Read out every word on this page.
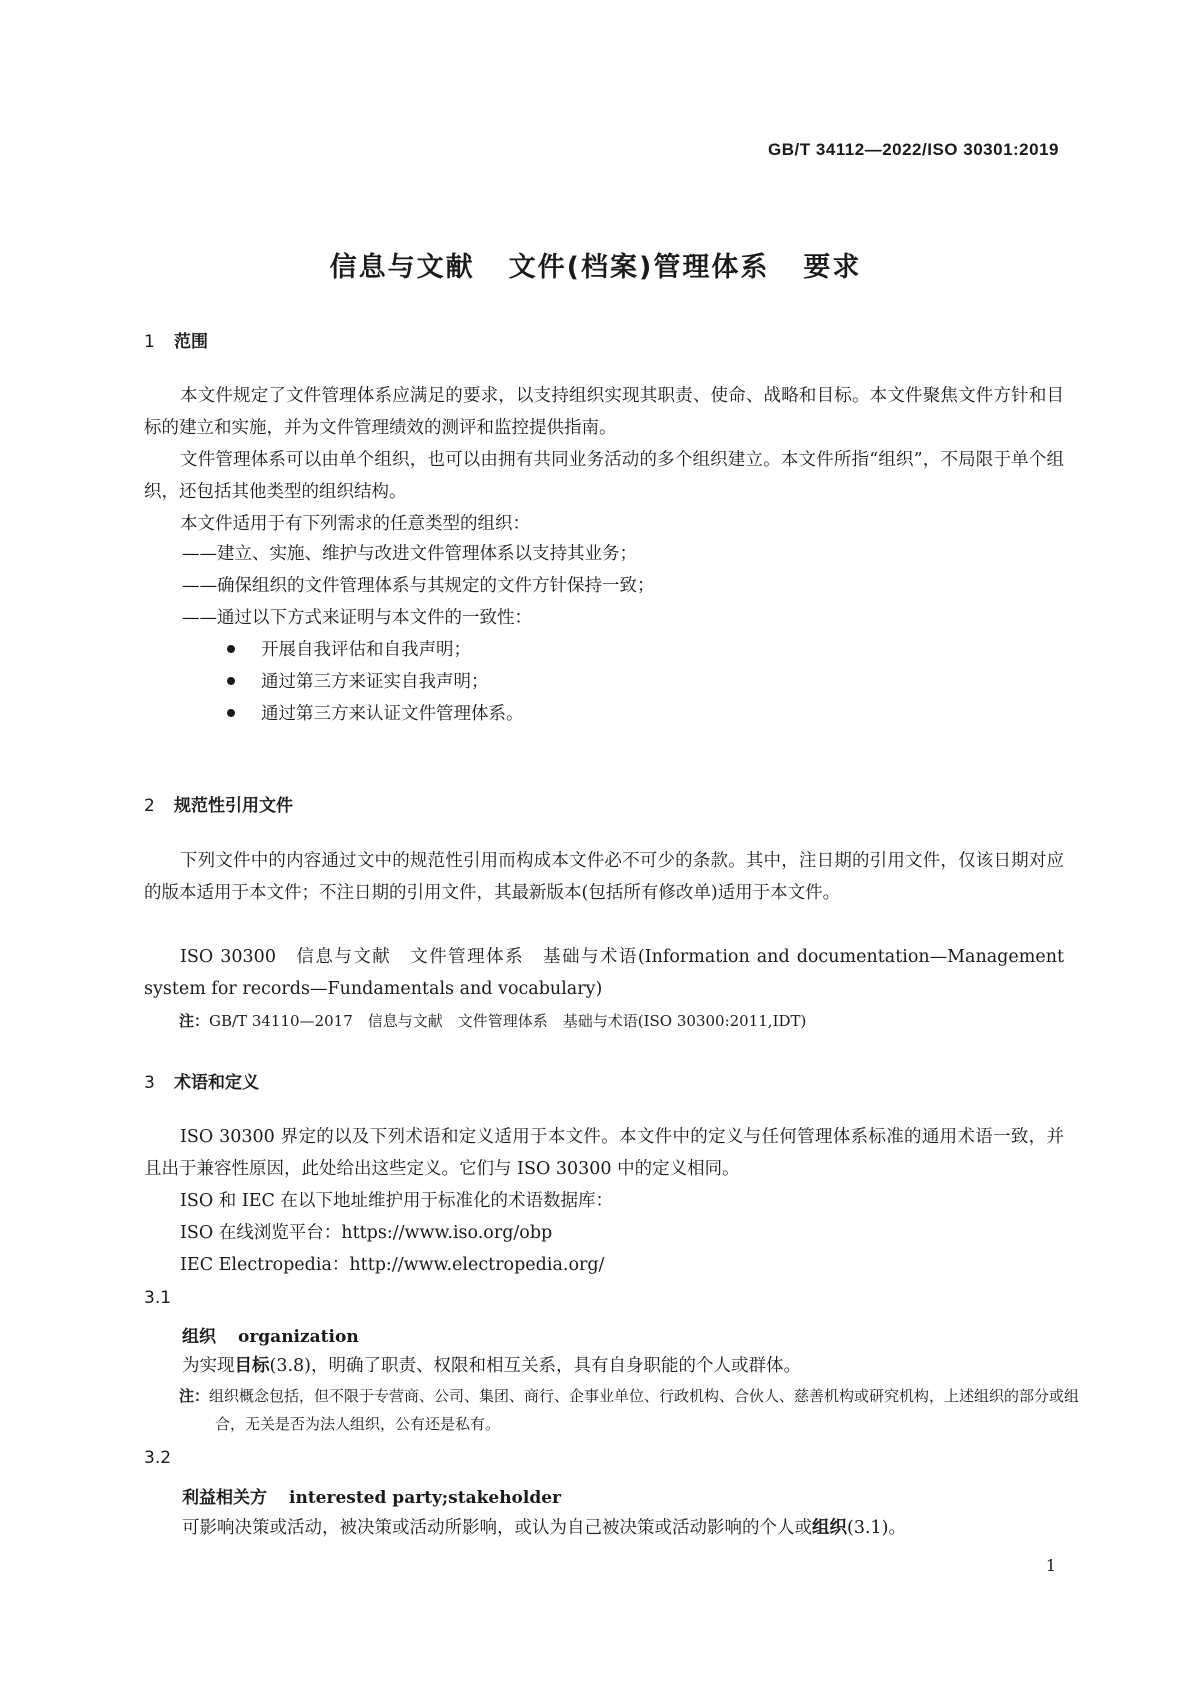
GB/T 34112—2022/ISO 30301:2019
信息与文献 文件(档案)管理体系 要求
1 范围

本文件规定了文件管理体系应满足的要求，以支持组织实现其职责、使命、战略和目标。本文件聚焦文件方针和目标的建立和实施，并为文件管理绩效的测评和监控提供指南。

文件管理体系可以由单个组织，也可以由拥有共同业务活动的多个组织建立。本文件所指“组织”，不局限于单个组织，还包括其他类型的组织结构。

本文件适用于有下列需求的任意类型的组织：

——建立、实施、维护与改进文件管理体系以支持其业务；

——确保组织的文件管理体系与其规定的文件方针保持一致；

——通过以下方式来证明与本文件的一致性：

开展自我评估和自我声明；

通过第三方来证实自我声明；

通过第三方来认证文件管理体系。

2 规范性引用文件

下列文件中的内容通过文中的规范性引用而构成本文件必不可少的条款。其中，注日期的引用文件，仅该日期对应的版本适用于本文件；不注日期的引用文件，其最新版本(包括所有修改单)适用于本文件。

ISO 30300　信息与文献　文件管理体系　基础与术语(Information and documentation—Management system for records—Fundamentals and vocabulary)

注：GB/T 34110—2017　信息与文献　文件管理体系　基础与术语(ISO 30300:2011,IDT)

3 术语和定义

ISO 30300 界定的以及下列术语和定义适用于本文件。本文件中的定义与任何管理体系标准的通用术语一致，并且出于兼容性原因，此处给出这些定义。它们与 ISO 30300 中的定义相同。

ISO 和 IEC 在以下地址维护用于标准化的术语数据库：

ISO 在线浏览平台：https://www.iso.org/obp

IEC Electropedia：http://www.electropedia.org/

3.1

组织 organization

为实现目标(3.8)，明确了职责、权限和相互关系，具有自身职能的个人或群体。

注：组织概念包括，但不限于专营商、公司、集团、商行、企事业单位、行政机构、合伙人、慈善机构或研究机构，上述组织的部分或组合，无关是否为法人组织，公有还是私有。

3.2

利益相关方 interested party;stakeholder

可影响决策或活动，被决策或活动所影响，或认为自己被决策或活动影响的个人或组织(3.1)。

1
